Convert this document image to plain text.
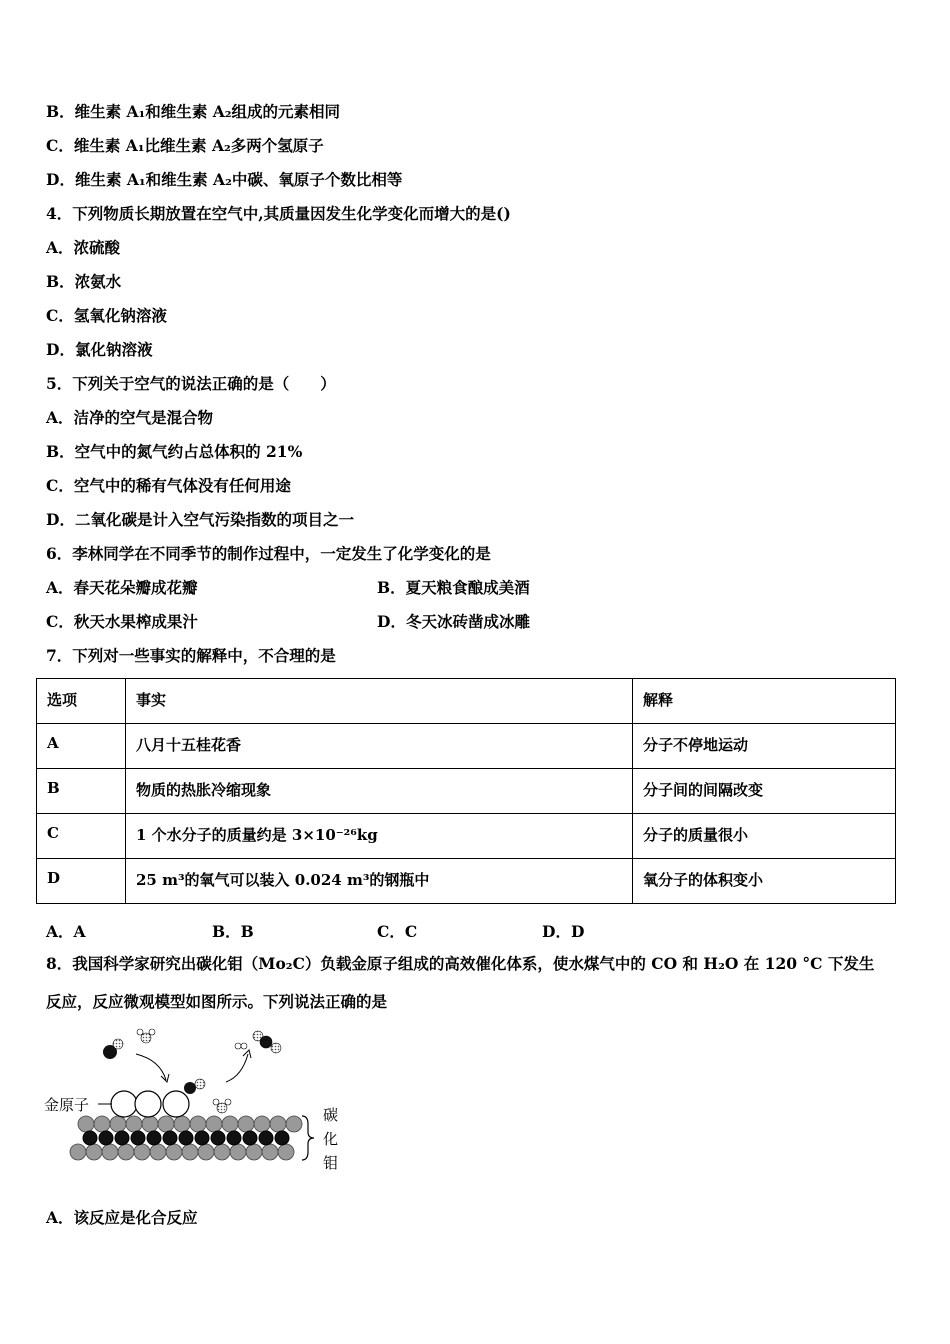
B．维生素 A₁和维生素 A₂组成的元素相同
C．维生素 A₁比维生素 A₂多两个氢原子
D．维生素 A₁和维生素 A₂中碳、氧原子个数比相等
4．下列物质长期放置在空气中,其质量因发生化学变化而增大的是()
A．浓硫酸
B．浓氨水
C．氢氧化钠溶液
D．氯化钠溶液
5．下列关于空气的说法正确的是（　　）
A．洁净的空气是混合物
B．空气中的氮气约占总体积的 21%
C．空气中的稀有气体没有任何用途
D．二氧化碳是计入空气污染指数的项目之一
6．李林同学在不同季节的制作过程中，一定发生了化学变化的是
A．春天花朵瓣成花瓣	B．夏天粮食酿成美酒
C．秋天水果榨成果汁	D．冬天冰砖凿成冰雕
7．下列对一些事实的解释中，不合理的是
选项	事实	解释
A	八月十五桂花香	分子不停地运动
B	物质的热胀冷缩现象	分子间的间隔改变
C	1 个水分子的质量约是 3×10⁻²⁶kg	分子的质量很小
D	25 m³的氧气可以装入 0.024 m³的钢瓶中	氧分子的体积变小
A．A	B．B	C．C	D．D
8．我国科学家研究出碳化钼（Mo₂C）负载金原子组成的高效催化体系，使水煤气中的 CO 和 H₂O 在 120 °C 下发生
反应，反应微观模型如图所示。下列说法正确的是
金原子
碳
化
钼
A．该反应是化合反应
